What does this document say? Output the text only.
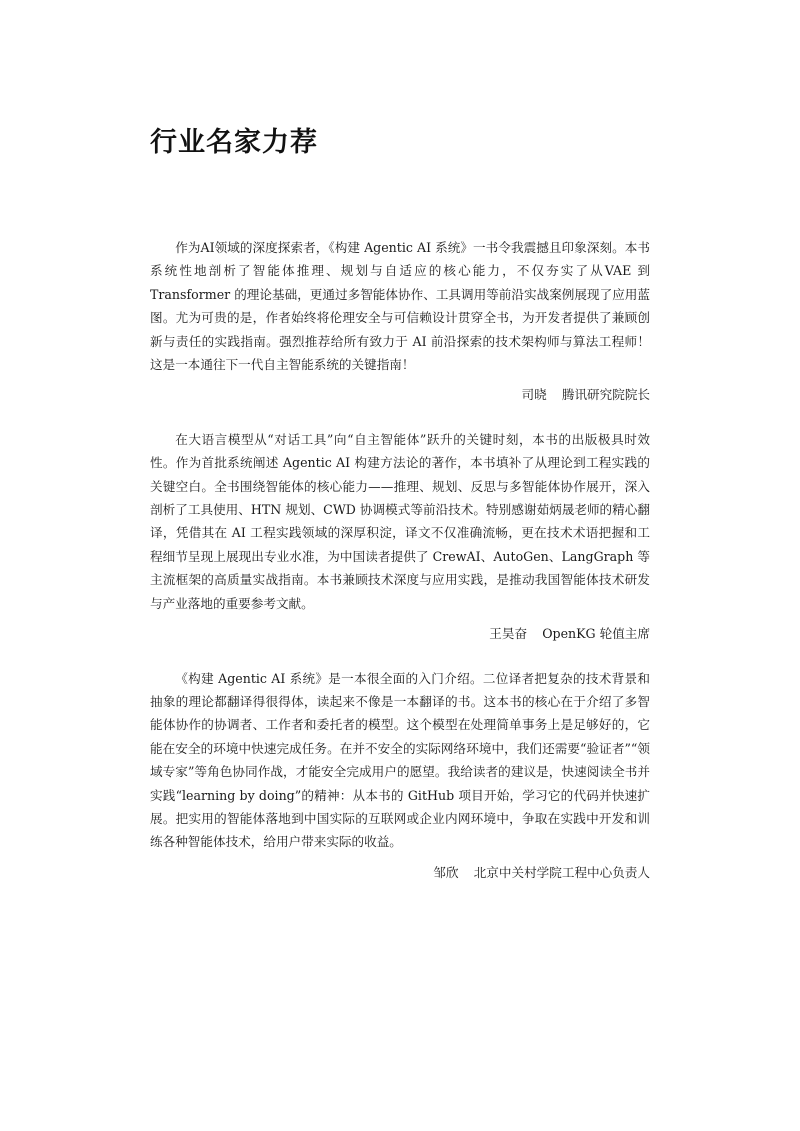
行业名家力荐

作为AI领域的深度探索者，《构建 Agentic AI 系统》一书令我震撼且印象深刻。本书系统性地剖析了智能体推理、规划与自适应的核心能力，不仅夯实了从VAE 到 Transformer 的理论基础，更通过多智能体协作、工具调用等前沿实战案例展现了应用蓝图。尤为可贵的是，作者始终将伦理安全与可信赖设计贯穿全书，为开发者提供了兼顾创新与责任的实践指南。强烈推荐给所有致力于 AI 前沿探索的技术架构师与算法工程师！这是一本通往下一代自主智能系统的关键指南！

司晓 腾讯研究院院长

在大语言模型从“对话工具”向“自主智能体”跃升的关键时刻，本书的出版极具时效性。作为首批系统阐述 Agentic AI 构建方法论的著作，本书填补了从理论到工程实践的关键空白。全书围绕智能体的核心能力——推理、规划、反思与多智能体协作展开，深入剖析了工具使用、HTN 规划、CWD 协调模式等前沿技术。特别感谢茹炳晟老师的精心翻译，凭借其在 AI 工程实践领域的深厚积淀，译文不仅准确流畅，更在技术术语把握和工程细节呈现上展现出专业水准，为中国读者提供了 CrewAI、AutoGen、LangGraph 等主流框架的高质量实战指南。本书兼顾技术深度与应用实践，是推动我国智能体技术研发与产业落地的重要参考文献。

王昊奋 OpenKG 轮值主席

《构建 Agentic AI 系统》是一本很全面的入门介绍。二位译者把复杂的技术背景和抽象的理论都翻译得很得体，读起来不像是一本翻译的书。这本书的核心在于介绍了多智能体协作的协调者、工作者和委托者的模型。这个模型在处理简单事务上是足够好的，它能在安全的环境中快速完成任务。在并不安全的实际网络环境中，我们还需要“验证者”“领域专家”等角色协同作战，才能安全完成用户的愿望。我给读者的建议是，快速阅读全书并实践“learning by doing”的精神：从本书的 GitHub 项目开始，学习它的代码并快速扩展。把实用的智能体落地到中国实际的互联网或企业内网环境中，争取在实践中开发和训练各种智能体技术，给用户带来实际的收益。

邹欣 北京中关村学院工程中心负责人
